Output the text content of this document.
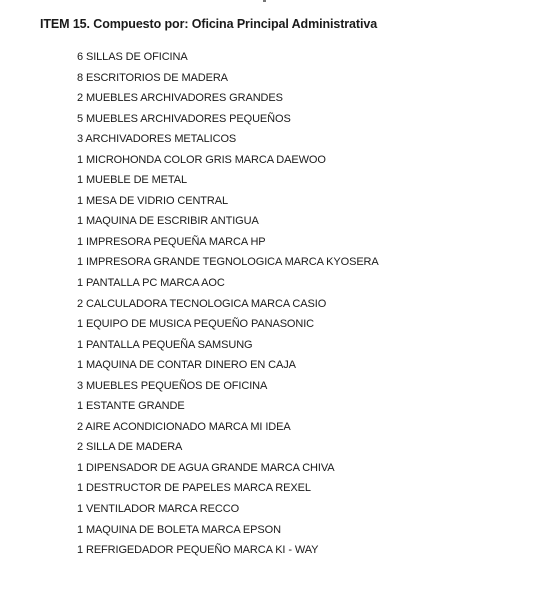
ITEM 15. Compuesto por: Oficina Principal Administrativa
6 SILLAS DE OFICINA
8 ESCRITORIOS DE MADERA
2 MUEBLES ARCHIVADORES GRANDES
5 MUEBLES ARCHIVADORES PEQUEÑOS
3 ARCHIVADORES METALICOS
1 MICROHONDA COLOR GRIS MARCA DAEWOO
1 MUEBLE DE METAL
1 MESA DE VIDRIO CENTRAL
1 MAQUINA DE ESCRIBIR ANTIGUA
1 IMPRESORA PEQUEÑA MARCA HP
1 IMPRESORA GRANDE TEGNOLOGICA MARCA KYOSERA
1 PANTALLA PC MARCA AOC
2 CALCULADORA TECNOLOGICA MARCA CASIO
1 EQUIPO DE MUSICA PEQUEÑO PANASONIC
1 PANTALLA PEQUEÑA SAMSUNG
1 MAQUINA DE CONTAR DINERO EN CAJA
3 MUEBLES PEQUEÑOS DE OFICINA
1 ESTANTE GRANDE
2 AIRE ACONDICIONADO MARCA MI IDEA
2 SILLA DE MADERA
1 DIPENSADOR DE AGUA GRANDE MARCA CHIVA
1 DESTRUCTOR DE PAPELES MARCA REXEL
1 VENTILADOR MARCA RECCO
1 MAQUINA DE BOLETA MARCA EPSON
1 REFRIGEDADOR PEQUEÑO MARCA KI - WAY
